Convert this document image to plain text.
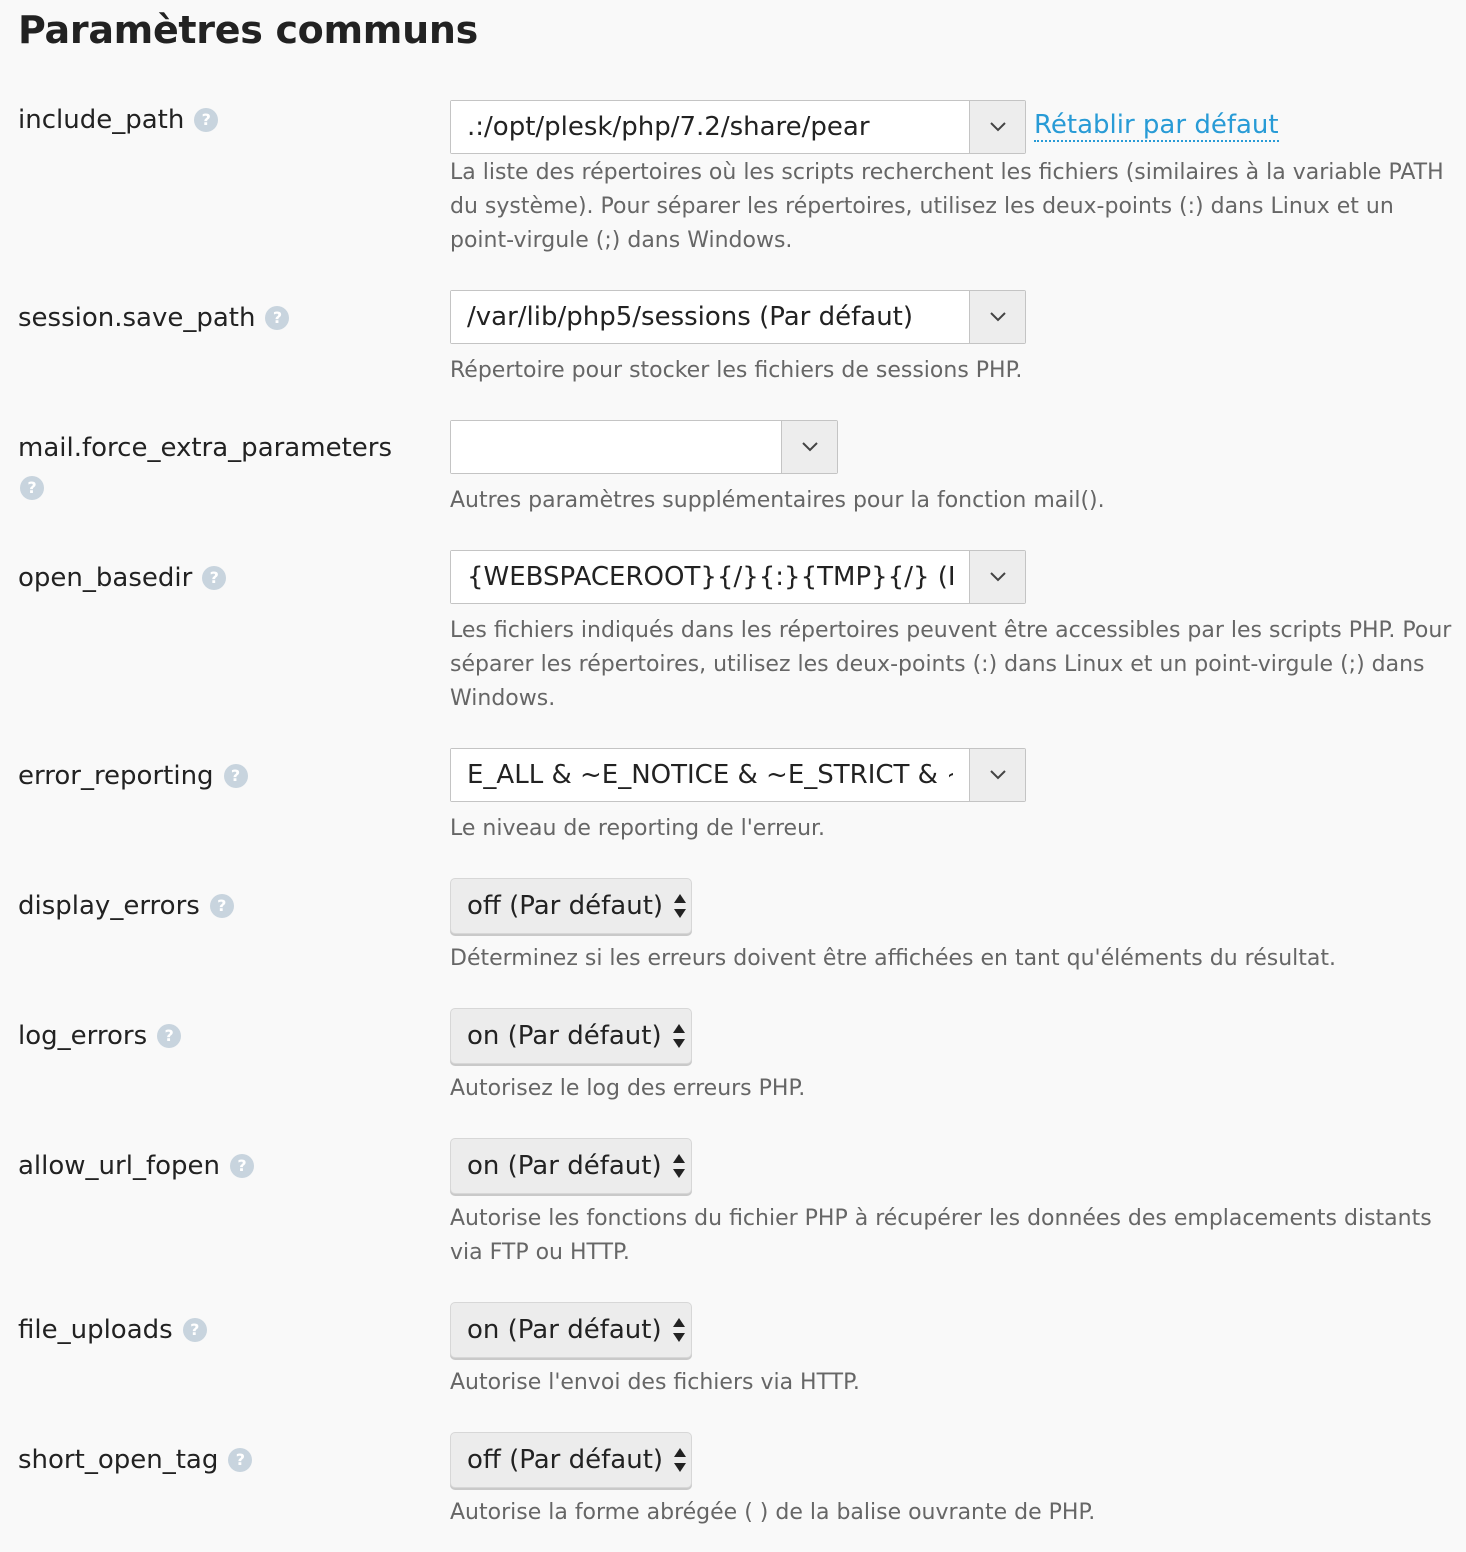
Paramètres communs
include_path ?
.:/opt/plesk/php/7.2/share/pear	Rétablir par défaut

La liste des répertoires où les scripts recherchent les fichiers (similaires à la variable PATH du système). Pour séparer les répertoires, utilisez les deux-points (:) dans Linux et un point-virgule (;) dans Windows.

session.save_path ?
/var/lib/php5/sessions (Par défaut)

Répertoire pour stocker les fichiers de sessions PHP.

mail.force_extra_parameters
?

Autres paramètres supplémentaires pour la fonction mail().

open_basedir ?
{WEBSPACEROOT}{/}{:}{TMP}{/} (Par défaut)

Les fichiers indiqués dans les répertoires peuvent être accessibles par les scripts PHP. Pour séparer les répertoires, utilisez les deux-points (:) dans Linux et un point-virgule (;) dans Windows.

error_reporting ?
E_ALL & ~E_NOTICE & ~E_STRICT & ~E_DEPRECATED

Le niveau de reporting de l'erreur.

display_errors ?	off (Par défaut)

Déterminez si les erreurs doivent être affichées en tant qu'éléments du résultat.

log_errors ?	on (Par défaut)

Autorisez le log des erreurs PHP.

allow_url_fopen ?	on (Par défaut)

Autorise les fonctions du fichier PHP à récupérer les données des emplacements distants via FTP ou HTTP.

file_uploads ?	on (Par défaut)

Autorise l'envoi des fichiers via HTTP.

short_open_tag ?	off (Par défaut)

Autorise la forme abrégée ( ) de la balise ouvrante de PHP.
